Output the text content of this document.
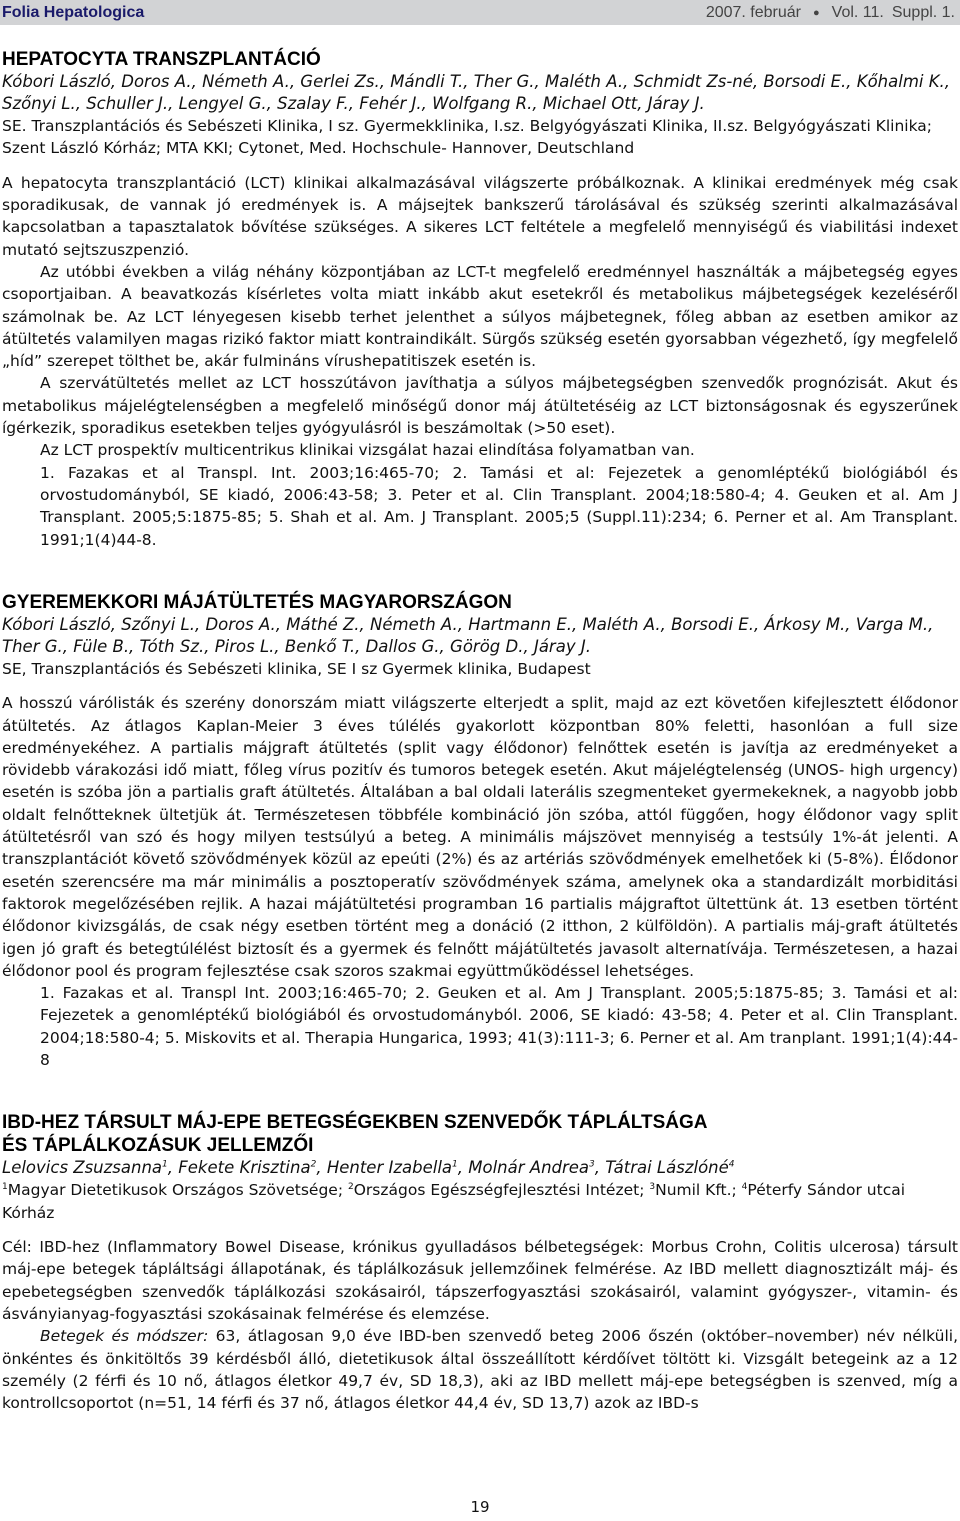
Folia Hepatologica	2007. február ● Vol. 11. Suppl. 1.
HEPATOCYTA TRANSZPLANTÁCIÓ

Kóbori László, Doros A., Németh A., Gerlei Zs., Mándli T., Ther G., Maléth A., Schmidt Zs-né, Borsodi E., Kőhalmi K., Szőnyi L., Schuller J., Lengyel G., Szalay F., Fehér J., Wolfgang R., Michael Ott, Járay J.

SE. Transzplantációs és Sebészeti Klinika, I sz. Gyermekklinika, I.sz. Belgyógyászati Klinika, II.sz. Belgyógyászati Klinika; Szent László Kórház; MTA KKI; Cytonet, Med. Hochschule- Hannover, Deutschland

A hepatocyta transzplantáció (LCT) klinikai alkalmazásával világszerte próbálkoznak. A klinikai eredmények még csak sporadikusak, de vannak jó eredmények is. A májsejtek bankszerű tárolásával és szükség szerinti alkalmazásával kapcsolatban a tapasztalatok bővítése szükséges. A sikeres LCT feltétele a megfelelő mennyiségű és viabilitási indexet mutató sejtszuszpenzió.

Az utóbbi években a világ néhány központjában az LCT-t megfelelő eredménnyel használták a májbetegség egyes csoportjaiban. A beavatkozás kísérletes volta miatt inkább akut esetekről és metabolikus májbetegségek kezeléséről számolnak be. Az LCT lényegesen kisebb terhet jelenthet a súlyos májbetegnek, főleg abban az esetben amikor az átültetés valamilyen magas rizikó faktor miatt kontraindikált. Sürgős szükség esetén gyorsabban végezhető, így megfelelő „híd” szerepet tölthet be, akár fulmináns vírushepatitiszek esetén is.

A szervátültetés mellet az LCT hosszútávon javíthatja a súlyos májbetegségben szenvedők prognózisát. Akut és metabolikus májelégtelenségben a megfelelő minőségű donor máj átültetéséig az LCT biztonságosnak és egyszerűnek ígérkezik, sporadikus esetekben teljes gyógyulásról is beszámoltak (>50 eset).

Az LCT prospektív multicentrikus klinikai vizsgálat hazai elindítása folyamatban van.

1. Fazakas et al Transpl. Int. 2003;16:465-70; 2. Tamási et al: Fejezetek a genomléptékű biológiából és orvostudományból, SE kiadó, 2006:43-58; 3. Peter et al. Clin Transplant. 2004;18:580-4; 4. Geuken et al. Am J Transplant. 2005;5:1875-85; 5. Shah et al. Am. J Transplant. 2005;5 (Suppl.11):234; 6. Perner et al. Am Transplant. 1991;1(4)44-8.

GYEREMEKKORI MÁJÁTÜLTETÉS MAGYARORSZÁGON

Kóbori László, Szőnyi L., Doros A., Máthé Z., Németh A., Hartmann E., Maléth A., Borsodi E., Árkosy M., Varga M., Ther G., Füle B., Tóth Sz., Piros L., Benkő T., Dallos G., Görög D., Járay J.

SE, Transzplantációs és Sebészeti klinika, SE I sz Gyermek klinika, Budapest

A hosszú várólisták és szerény donorszám miatt világszerte elterjedt a split, majd az ezt követően kifejlesztett élődonor átültetés. Az átlagos Kaplan-Meier 3 éves túlélés gyakorlott központban 80% feletti, hasonlóan a full size eredményekéhez. A partialis májgraft átültetés (split vagy élődonor) felnőttek esetén is javítja az eredményeket a rövidebb várakozási idő miatt, főleg vírus pozitív és tumoros betegek esetén. Akut májelégtelenség (UNOS- high urgency) esetén is szóba jön a partialis graft átültetés. Általában a bal oldali laterális szegmenteket gyermekeknek, a nagyobb jobb oldalt felnőtteknek ültetjük át. Természetesen többféle kombináció jön szóba, attól függően, hogy élődonor vagy split átültetésről van szó és hogy milyen testsúlyú a beteg. A minimális májszövet mennyiség a testsúly 1%-át jelenti. A transzplantációt követő szövődmények közül az epeúti (2%) és az artériás szövődmények emelhetőek ki (5-8%). Élődonor esetén szerencsére ma már minimális a posztoperatív szövődmények száma, amelynek oka a standardizált morbiditási faktorok megelőzésében rejlik. A hazai májátültetési programban 16 partialis májgraftot ültettünk át. 13 esetben történt élődonor kivizsgálás, de csak négy esetben történt meg a donáció (2 itthon, 2 külföldön). A partialis máj-graft átültetés igen jó graft és betegtúlélést biztosít és a gyermek és felnőtt májátültetés javasolt alternatívája. Természetesen, a hazai élődonor pool és program fejlesztése csak szoros szakmai együttműködéssel lehetséges.

1. Fazakas et al. Transpl Int. 2003;16:465-70; 2. Geuken et al. Am J Transplant. 2005;5:1875-85; 3. Tamási et al: Fejezetek a genomléptékű biológiából és orvostudományból. 2006, SE kiadó: 43-58; 4. Peter et al. Clin Transplant. 2004;18:580-4; 5. Miskovits et al. Therapia Hungarica, 1993; 41(3):111-3; 6. Perner et al. Am tranplant. 1991;1(4):44-8

IBD-HEZ TÁRSULT MÁJ-EPE BETEGSÉGEKBEN SZENVEDŐK TÁPLÁLTSÁGA
ÉS TÁPLÁLKOZÁSUK JELLEMZŐI

Lelovics Zsuzsanna$^1$, Fekete Krisztina$^2$, Henter Izabella$^1$, Molnár Andrea$^3$, Tátrai Lászlóné$^4$

$^1$Magyar Dietetikusok Országos Szövetsége; $^2$Országos Egészségfejlesztési Intézet; $^3$Numil Kft.; $^4$Péterfy Sándor utcai Kórház

Cél: IBD-hez (Inflammatory Bowel Disease, krónikus gyulladásos bélbetegségek: Morbus Crohn, Colitis ulcerosa) társult máj-epe betegek tápláltsági állapotának, és táplálkozásuk jellemzőinek felmérése. Az IBD mellett diagnosztizált máj- és epebetegségben szenvedők táplálkozási szokásairól, tápszerfogyasztási szokásairól, valamint gyógyszer-, vitamin- és ásványianyag-fogyasztási szokásainak felmérése és elemzése.

Betegek és módszer: 63, átlagosan 9,0 éve IBD-ben szenvedő beteg 2006 őszén (október–november) név nélküli, önkéntes és önkitöltős 39 kérdésből álló, dietetikusok által összeállított kérdőívet töltött ki. Vizsgált betegeink az a 12 személy (2 férfi és 10 nő, átlagos életkor 49,7 év, SD 18,3), aki az IBD mellett máj-epe betegségben is szenved, míg a kontrollcsoportot (n=51, 14 férfi és 37 nő, átlagos életkor 44,4 év, SD 13,7) azok az IBD-s

19
